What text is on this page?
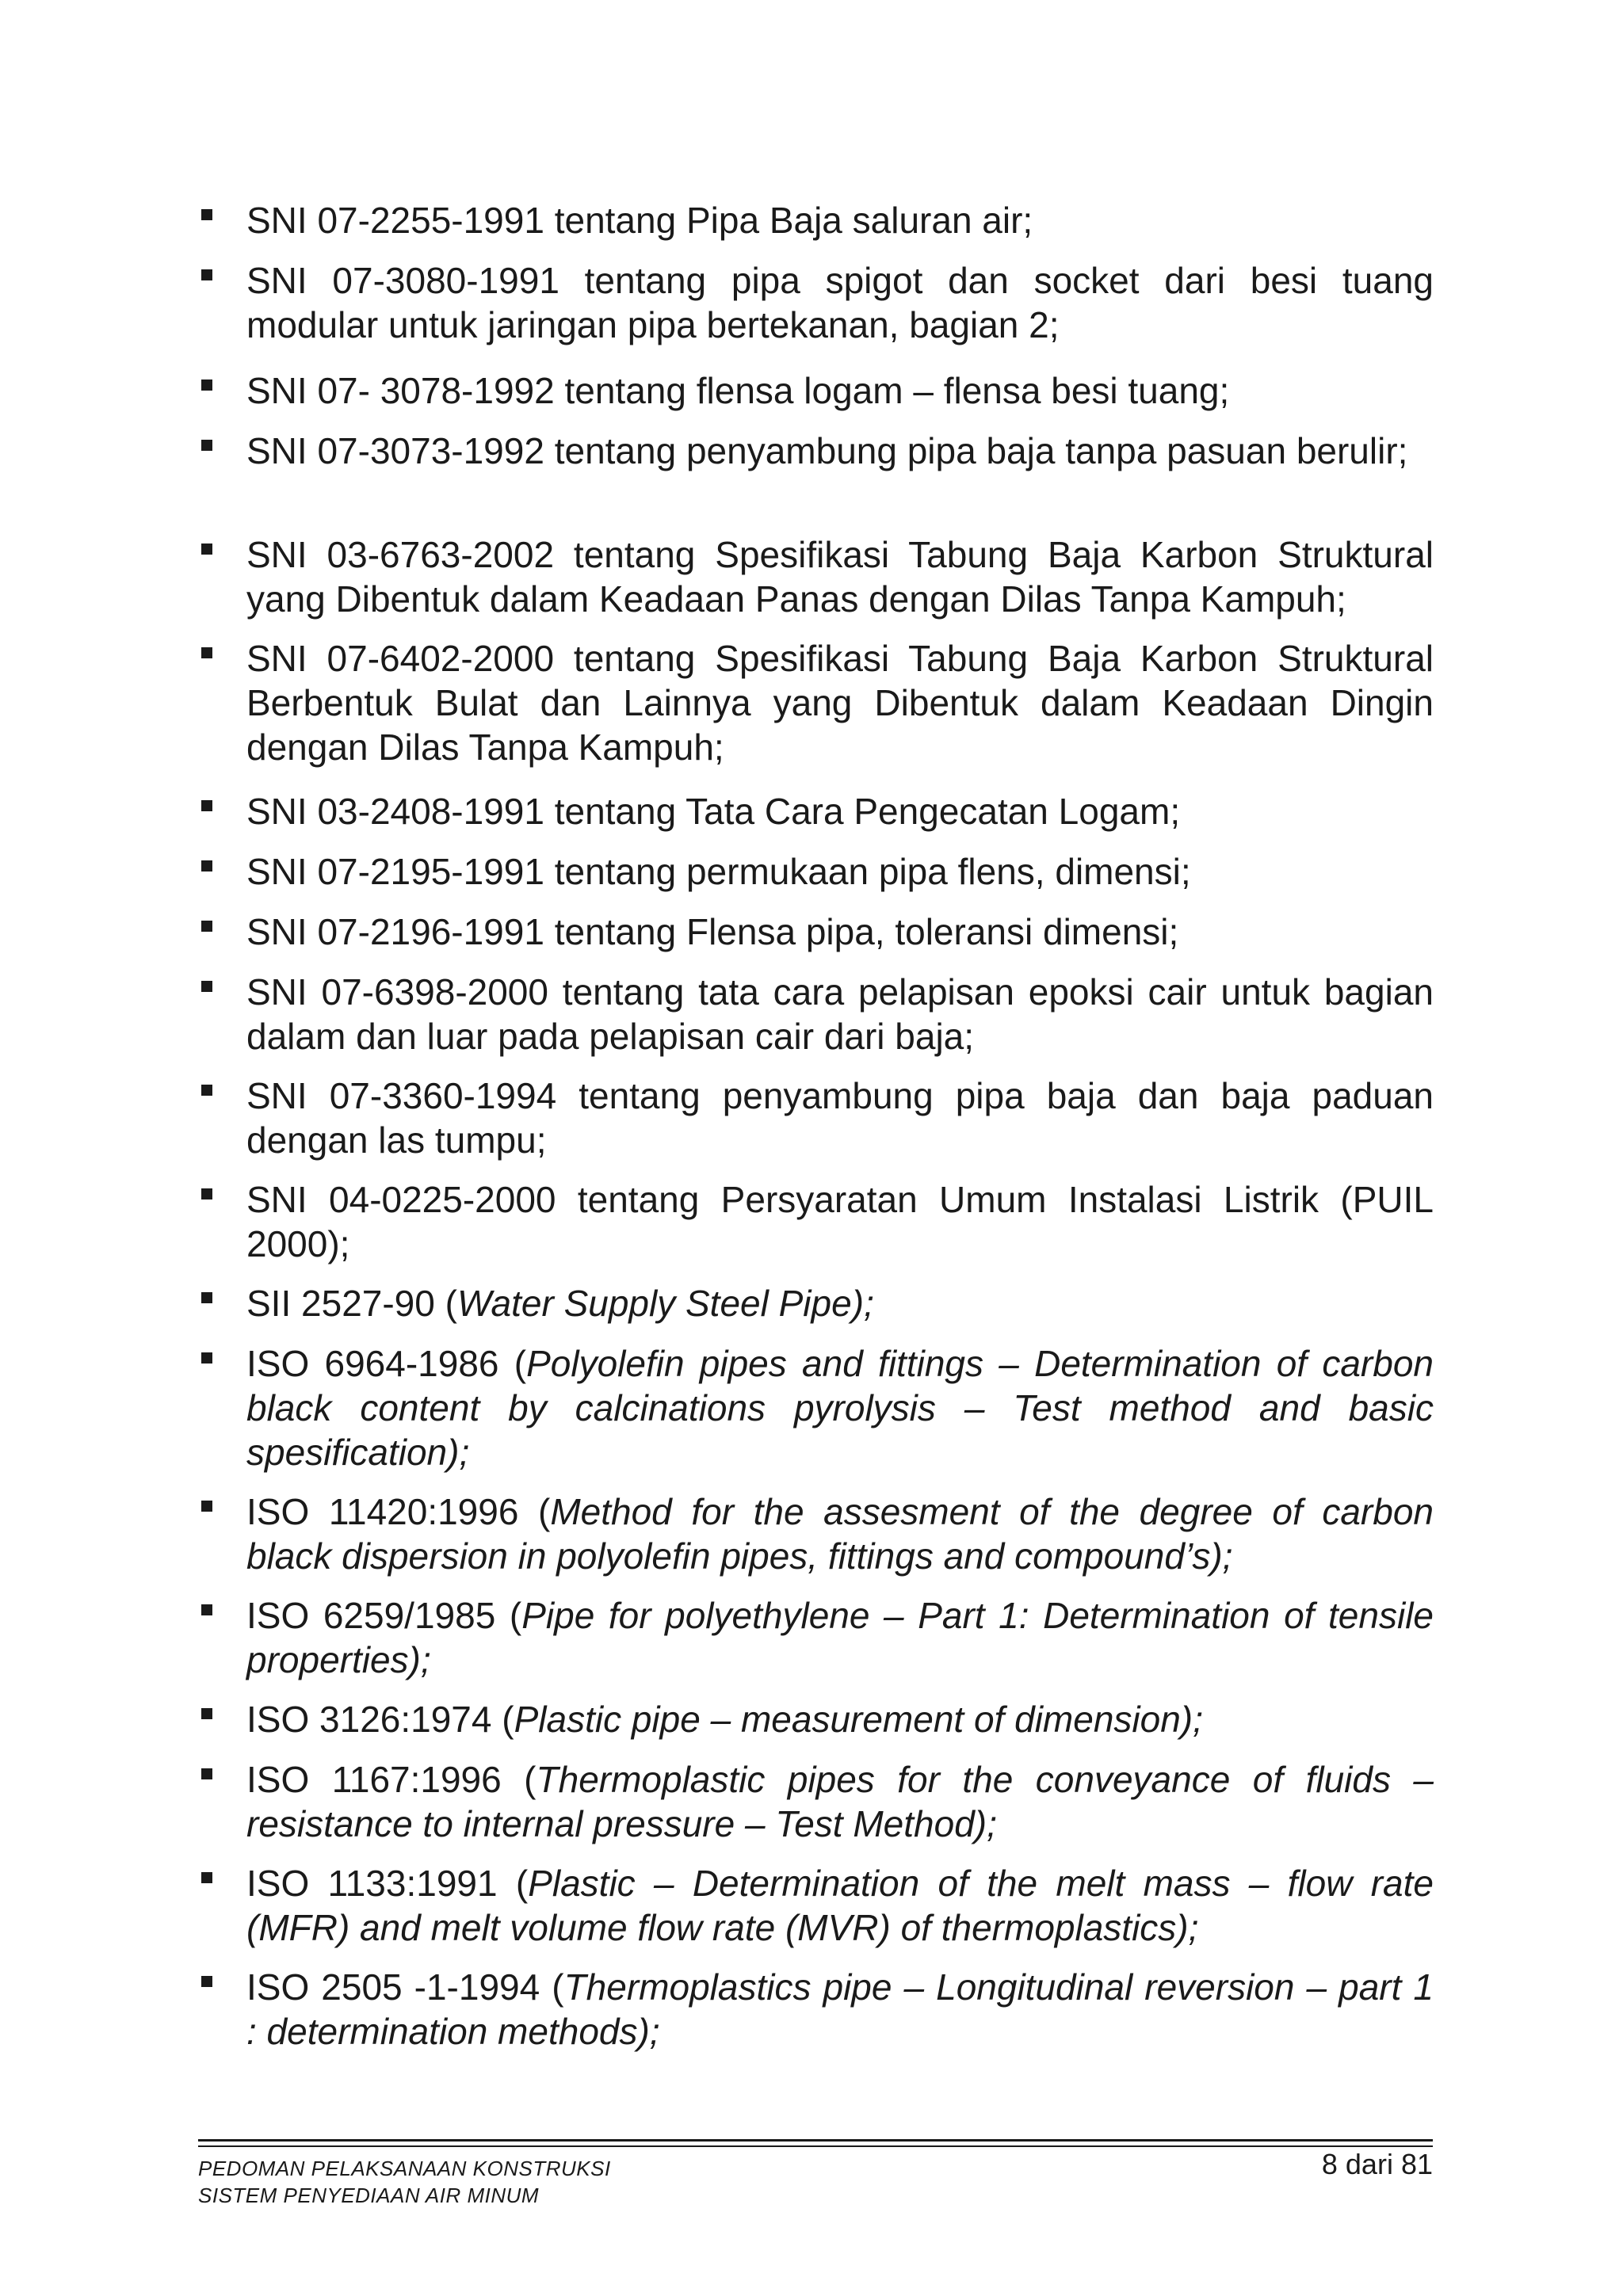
SNI 07-2255-1991 tentang Pipa Baja saluran air;
SNI 07-3080-1991 tentang pipa spigot dan socket dari besi tuang modular untuk jaringan pipa bertekanan, bagian 2;
SNI 07- 3078-1992 tentang flensa logam – flensa besi tuang;
SNI 07-3073-1992 tentang penyambung pipa baja tanpa pasuan berulir;
SNI 03-6763-2002 tentang Spesifikasi Tabung Baja Karbon Struktural yang Dibentuk dalam Keadaan Panas dengan Dilas Tanpa Kampuh;
SNI 07-6402-2000 tentang Spesifikasi Tabung Baja Karbon Struktural Berbentuk Bulat dan Lainnya yang Dibentuk dalam Keadaan Dingin dengan Dilas Tanpa Kampuh;
SNI 03-2408-1991 tentang Tata Cara Pengecatan Logam;
SNI 07-2195-1991 tentang permukaan pipa flens, dimensi;
SNI 07-2196-1991 tentang Flensa pipa, toleransi dimensi;
SNI 07-6398-2000 tentang tata cara pelapisan epoksi cair untuk bagian dalam dan luar pada pelapisan cair dari baja;
SNI 07-3360-1994 tentang penyambung pipa baja dan baja paduan dengan las tumpu;
SNI 04-0225-2000 tentang Persyaratan Umum Instalasi Listrik (PUIL 2000);
SII 2527-90 (Water Supply Steel Pipe);
ISO 6964-1986 (Polyolefin pipes and fittings – Determination of carbon black content by calcinations pyrolysis – Test method and basic spesification);
ISO 11420:1996 (Method for the assesment of the degree of carbon black dispersion in polyolefin pipes, fittings and compound’s);
ISO 6259/1985 (Pipe for polyethylene – Part 1: Determination of tensile properties);
ISO 3126:1974 (Plastic pipe – measurement of dimension);
ISO 1167:1996 (Thermoplastic pipes for the conveyance of fluids – resistance to internal pressure – Test Method);
ISO 1133:1991 (Plastic – Determination of the melt mass – flow rate (MFR) and melt volume flow rate (MVR) of thermoplastics);
ISO 2505 -1-1994 (Thermoplastics pipe – Longitudinal reversion – part 1 : determination methods);
PEDOMAN PELAKSANAAN KONSTRUKSI
SISTEM PENYEDIAAN AIR MINUM
8 dari 81
